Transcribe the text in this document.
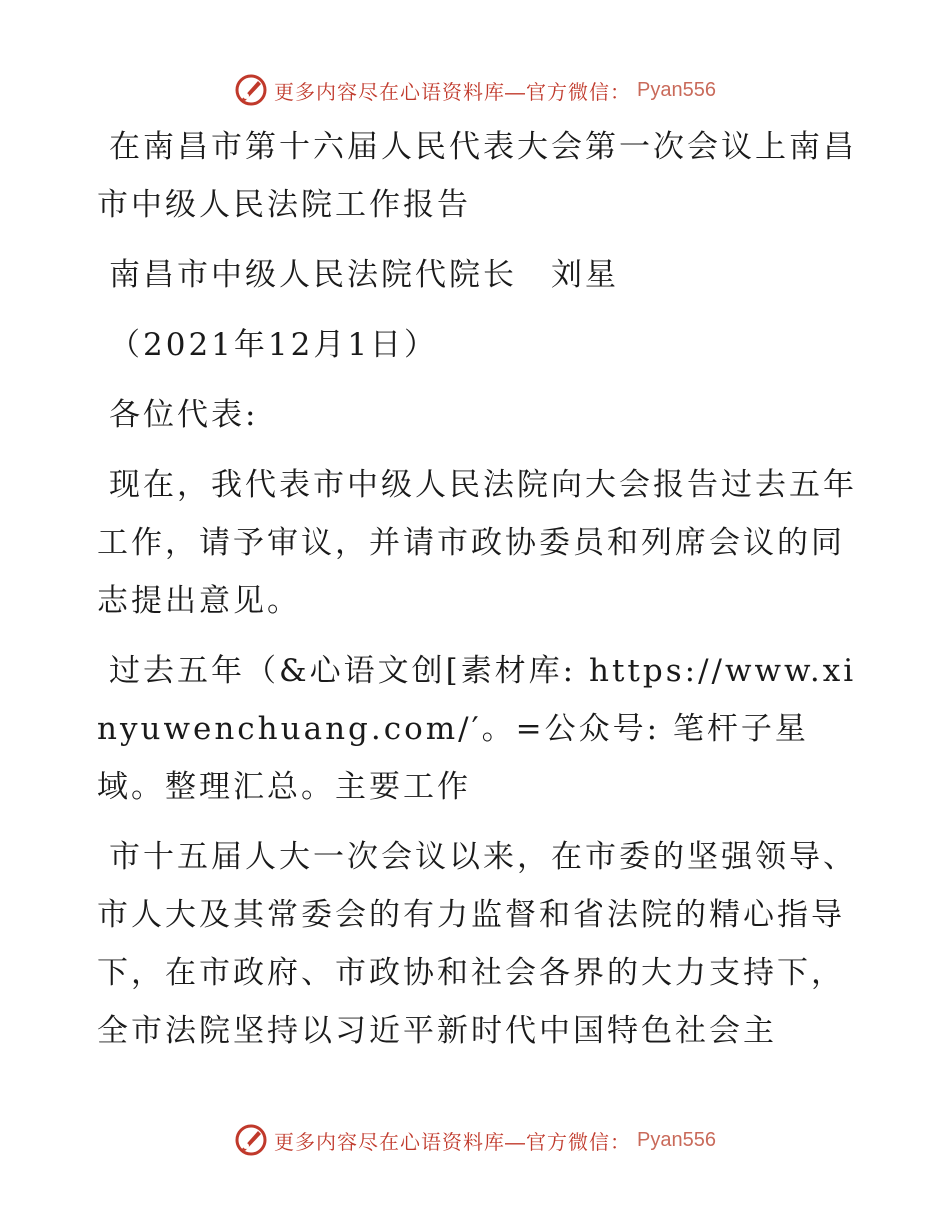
更多内容尽在心语资料库—官方微信： Pyan556

在南昌市第十六届人民代表大会第一次会议上南昌市中级人民法院工作报告

南昌市中级人民法院代院长　刘星

（2021年12月1日）

各位代表:

现在，我代表市中级人民法院向大会报告过去五年工作，请予审议，并请市政协委员和列席会议的同志提出意见。

过去五年（&心语文创[素材库: https://www.xinyuwenchuang.com/′。=公众号: 笔杆子星域。整理汇总。主要工作

市十五届人大一次会议以来，在市委的坚强领导、市人大及其常委会的有力监督和省法院的精心指导下，在市政府、市政协和社会各界的大力支持下，全市法院坚持以习近平新时代中国特色社会主

更多内容尽在心语资料库—官方微信： Pyan556
